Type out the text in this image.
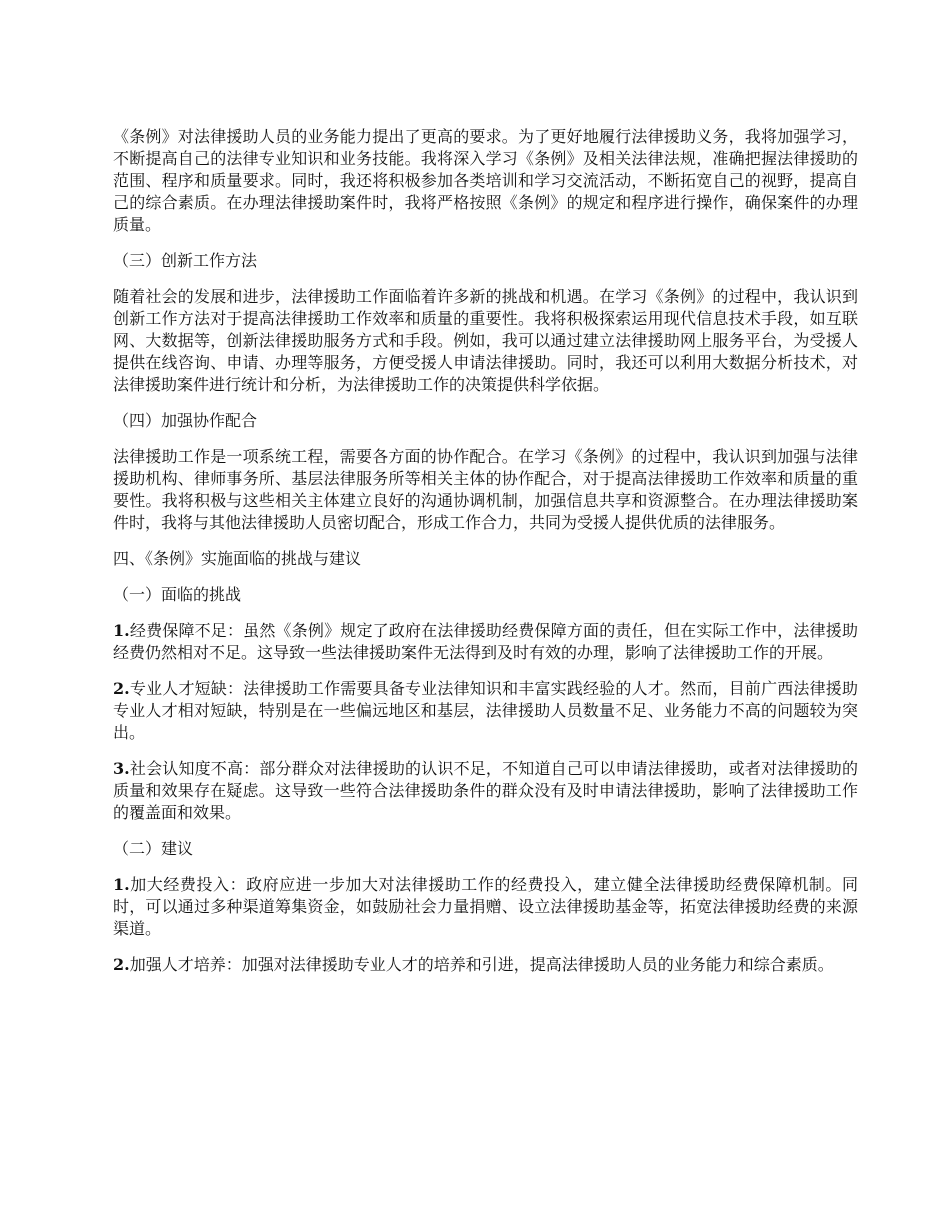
《条例》对法律援助人员的业务能力提出了更高的要求。为了更好地履行法律援助义务，我将加强学习，不断提高自己的法律专业知识和业务技能。我将深入学习《条例》及相关法律法规，准确把握法律援助的范围、程序和质量要求。同时，我还将积极参加各类培训和学习交流活动，不断拓宽自己的视野，提高自己的综合素质。在办理法律援助案件时，我将严格按照《条例》的规定和程序进行操作，确保案件的办理质量。

（三）创新工作方法

随着社会的发展和进步，法律援助工作面临着许多新的挑战和机遇。在学习《条例》的过程中，我认识到创新工作方法对于提高法律援助工作效率和质量的重要性。我将积极探索运用现代信息技术手段，如互联网、大数据等，创新法律援助服务方式和手段。例如，我可以通过建立法律援助网上服务平台，为受援人提供在线咨询、申请、办理等服务，方便受援人申请法律援助。同时，我还可以利用大数据分析技术，对法律援助案件进行统计和分析，为法律援助工作的决策提供科学依据。

（四）加强协作配合

法律援助工作是一项系统工程，需要各方面的协作配合。在学习《条例》的过程中，我认识到加强与法律援助机构、律师事务所、基层法律服务所等相关主体的协作配合，对于提高法律援助工作效率和质量的重要性。我将积极与这些相关主体建立良好的沟通协调机制，加强信息共享和资源整合。在办理法律援助案件时，我将与其他法律援助人员密切配合，形成工作合力，共同为受援人提供优质的法律服务。

四、《条例》实施面临的挑战与建议

（一）面临的挑战

1.经费保障不足：虽然《条例》规定了政府在法律援助经费保障方面的责任，但在实际工作中，法律援助经费仍然相对不足。这导致一些法律援助案件无法得到及时有效的办理，影响了法律援助工作的开展。

2.专业人才短缺：法律援助工作需要具备专业法律知识和丰富实践经验的人才。然而，目前广西法律援助专业人才相对短缺，特别是在一些偏远地区和基层，法律援助人员数量不足、业务能力不高的问题较为突出。

3.社会认知度不高：部分群众对法律援助的认识不足，不知道自己可以申请法律援助，或者对法律援助的质量和效果存在疑虑。这导致一些符合法律援助条件的群众没有及时申请法律援助，影响了法律援助工作的覆盖面和效果。

（二）建议

1.加大经费投入：政府应进一步加大对法律援助工作的经费投入，建立健全法律援助经费保障机制。同时，可以通过多种渠道筹集资金，如鼓励社会力量捐赠、设立法律援助基金等，拓宽法律援助经费的来源渠道。

2.加强人才培养：加强对法律援助专业人才的培养和引进，提高法律援助人员的业务能力和综合素质。
